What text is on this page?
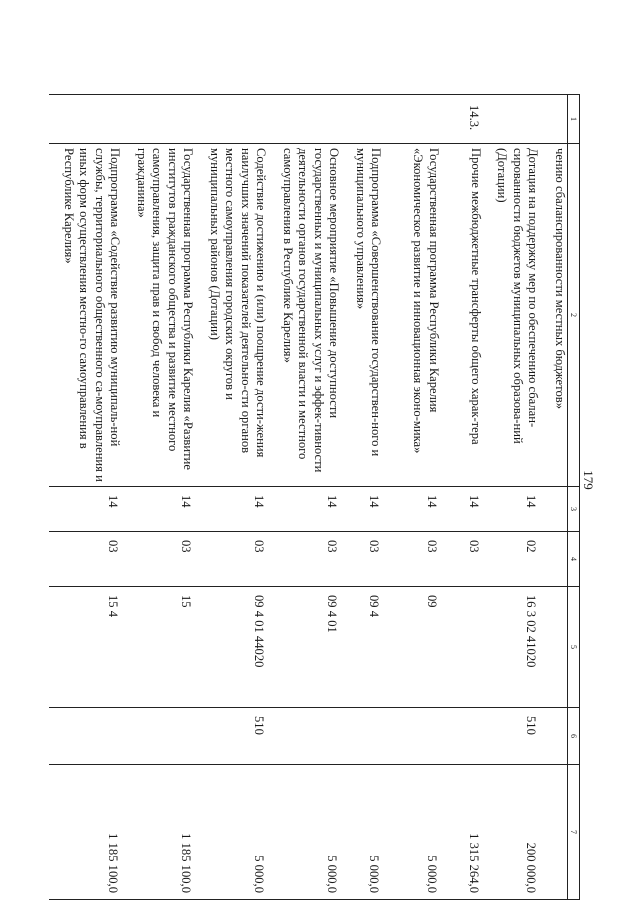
179
1	2	3	4	5	6	7
	чению сбалансированности местных бюджетов»					
	Дотация на поддержку мер по обеспечению сбалан-сированности бюджетов муниципальных образова-ний (Дотации)	14	02	16 3 02 41020	510	200 000,0
14.3.	Прочие межбюджетные трансферты общего харак-тера	14	03			1 315 264,0
	Государственная программа Республики Карелия «Экономическое развитие и инновационная эконо-мика»	14	03	09		5 000,0
	Подпрограмма «Совершенствование государствен-ного и муниципального управления»	14	03	09 4		5 000,0
	Основное мероприятие «Повышение доступности государственных и муниципальных услуг и эффек-тивности деятельности органов государственной власти и местного самоуправления в Республике Карелия»	14	03	09 4 01		5 000,0
	Содействие достижению и (или) поощрение дости-жения наилучших значений показателей деятельно-сти органов местного самоуправления городских округов и муниципальных районов (Дотации)	14	03	09 4 01 44020	510	5 000,0
	Государственная программа Республики Карелия «Развитие институтов гражданского общества и развитие местного самоуправления, защита прав и свобод человека и гражданина»	14	03	15		1 185 100,0
	Подпрограмма «Содействие развитию муниципаль-ной службы, территориального общественного са-моуправления и иных форм осуществления местно-го самоуправления в Республике Карелия»	14	03	15 4		1 185 100,0
